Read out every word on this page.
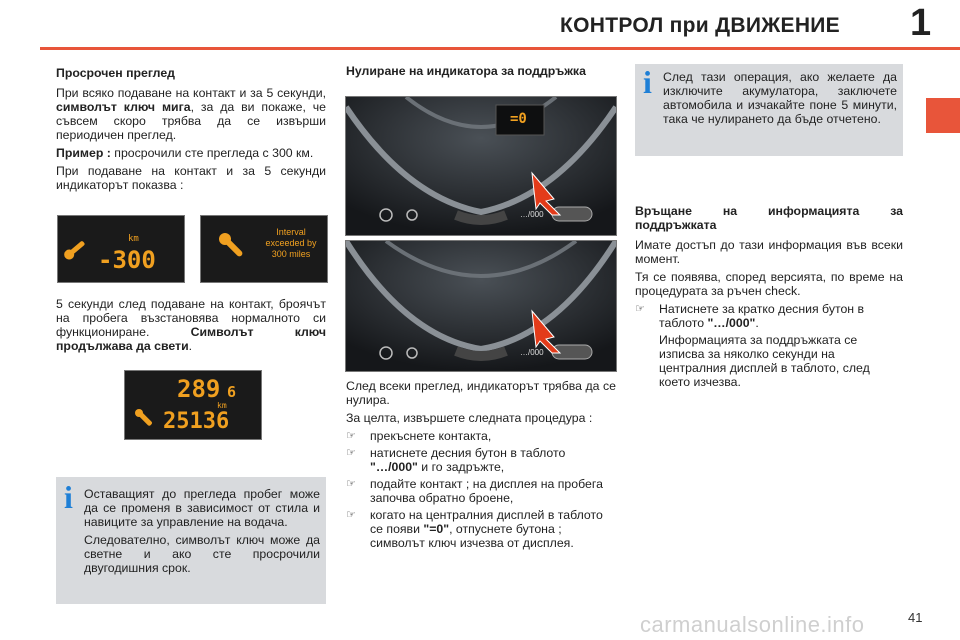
КОНТРОЛ при ДВИЖЕНИЕ 1

Просрочен преглед

При всяко подаване на контакт и за 5 секунди, символът ключ мига, за да ви покаже, че съвсем скоро трябва да се извърши периодичен преглед.

Пример : просрочили сте прегледа с 300 км.

При подаване на контакт и за 5 секунди индикаторът показва :

km
-300
Interval
exceeded by
300 miles

5 секунди след подаване на контакт, броячът на пробега възстановява нормалното си функциониране. Символът ключ продължава да свети.

289 6
km
25136
i Оставащият до прегледа пробег може да се променя в зависимост от стила и навиците за управление на водача.

Следователно, символът ключ може да светне и ако сте просрочили двугодишния срок.

Нулиране на индикатора за поддръжка

=0
…/000
…/000

След всеки преглед, индикаторът трябва да се нулира.

За целта, извършете следната процедура :

☞	прекъснете контакта,
☞	натиснете десния бутон в таблото "…/000" и го задръжте,
☞	подайте контакт ; на дисплея на пробега започва обратно броене,
☞	когато на централния дисплей в таблото се появи "=0", отпуснете бутона ; символът ключ изчезва от дисплея.
i След тази операция, ако желаете да изключите акумулатора, заключете автомобила и изчакайте поне 5 минути, така че нулирането да бъде отчетено.

Връщане на информацията за поддръжката

Имате достъп до тази информация във всеки момент.

Тя се появява, според версията, по време на процедурата за ръчен check.

☞	Натиснете за кратко десния бутон в таблото "…/000".

Информацията за поддръжката се изписва за няколко секунди на централния дисплей в таблото, след което изчезва.

carmanualsonline.info	41
